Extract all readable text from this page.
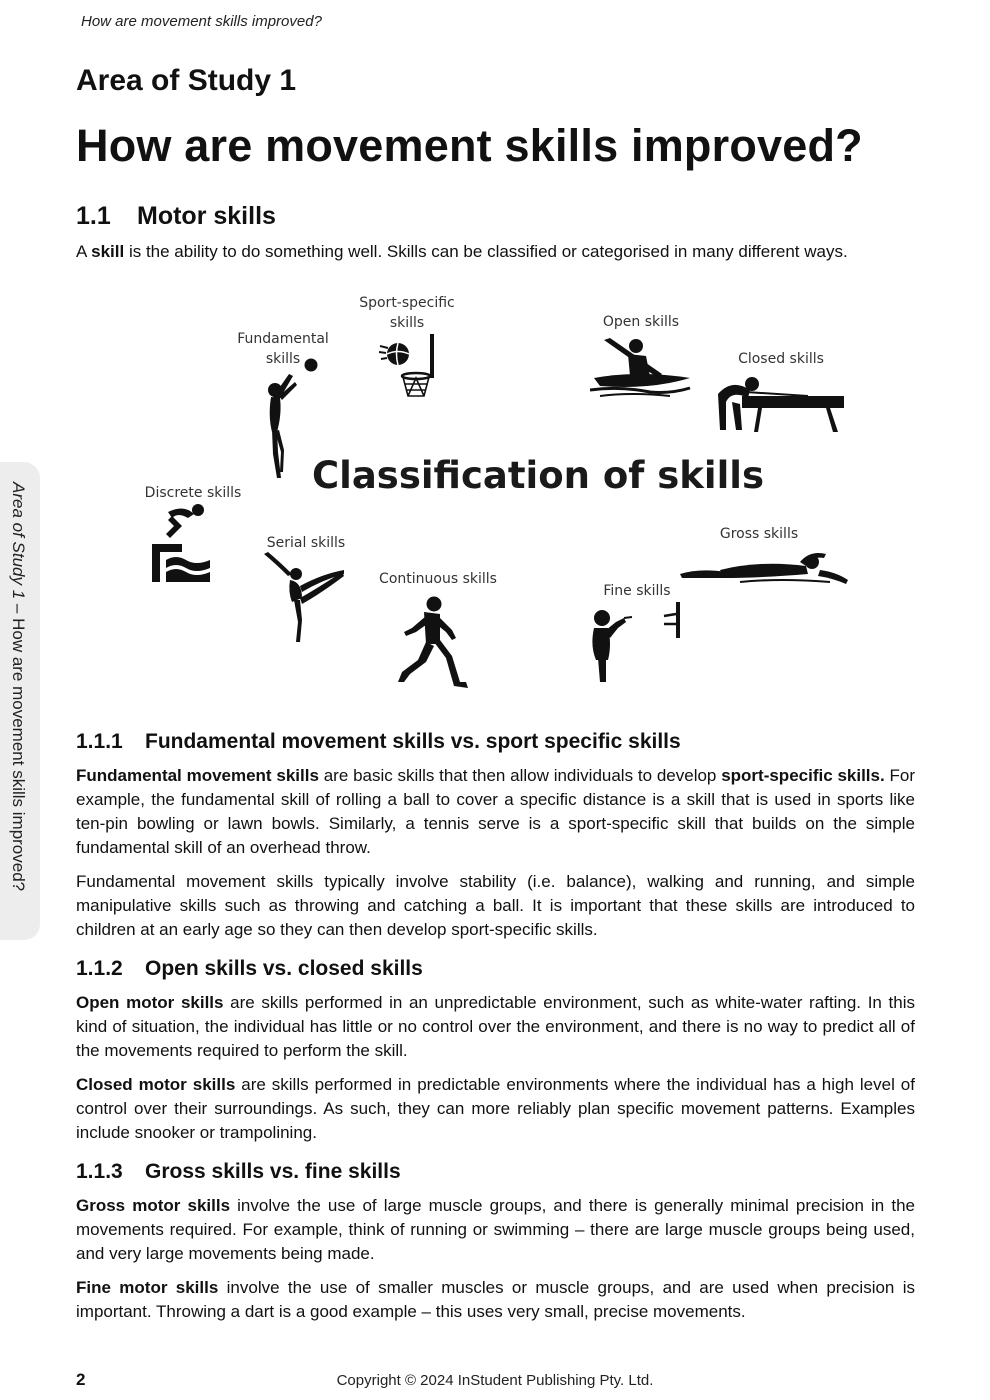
How are movement skills improved?
Area of Study 1
How are movement skills improved?
1.1 Motor skills

A skill is the ability to do something well. Skills can be classified or categorised in many different ways.

Area of Study 1 – How are movement skills improved?
Classification of skills
Sport-specific
skills
Fundamental
skills
Open skills
Closed skills
Discrete skills
Serial skills
Continuous skills
Fine skills
Gross skills
1.1.1 Fundamental movement skills vs. sport specific skills

Fundamental movement skills are basic skills that then allow individuals to develop sport-specific skills. For example, the fundamental skill of rolling a ball to cover a specific distance is a skill that is used in sports like ten-pin bowling or lawn bowls. Similarly, a tennis serve is a sport-specific skill that builds on the simple fundamental skill of an overhead throw.

Fundamental movement skills typically involve stability (i.e. balance), walking and running, and simple manipulative skills such as throwing and catching a ball. It is important that these skills are introduced to children at an early age so they can then develop sport-specific skills.

1.1.2 Open skills vs. closed skills

Open motor skills are skills performed in an unpredictable environment, such as white-water rafting. In this kind of situation, the individual has little or no control over the environment, and there is no way to predict all of the movements required to perform the skill.

Closed motor skills are skills performed in predictable environments where the individual has a high level of control over their surroundings. As such, they can more reliably plan specific movement patterns. Examples include snooker or trampolining.

1.1.3 Gross skills vs. fine skills

Gross motor skills involve the use of large muscle groups, and there is generally minimal precision in the movements required. For example, think of running or swimming – there are large muscle groups being used, and very large movements being made.

Fine motor skills involve the use of smaller muscles or muscle groups, and are used when precision is important. Throwing a dart is a good example – this uses very small, precise movements.

2	Copyright © 2024 InStudent Publishing Pty. Ltd.
